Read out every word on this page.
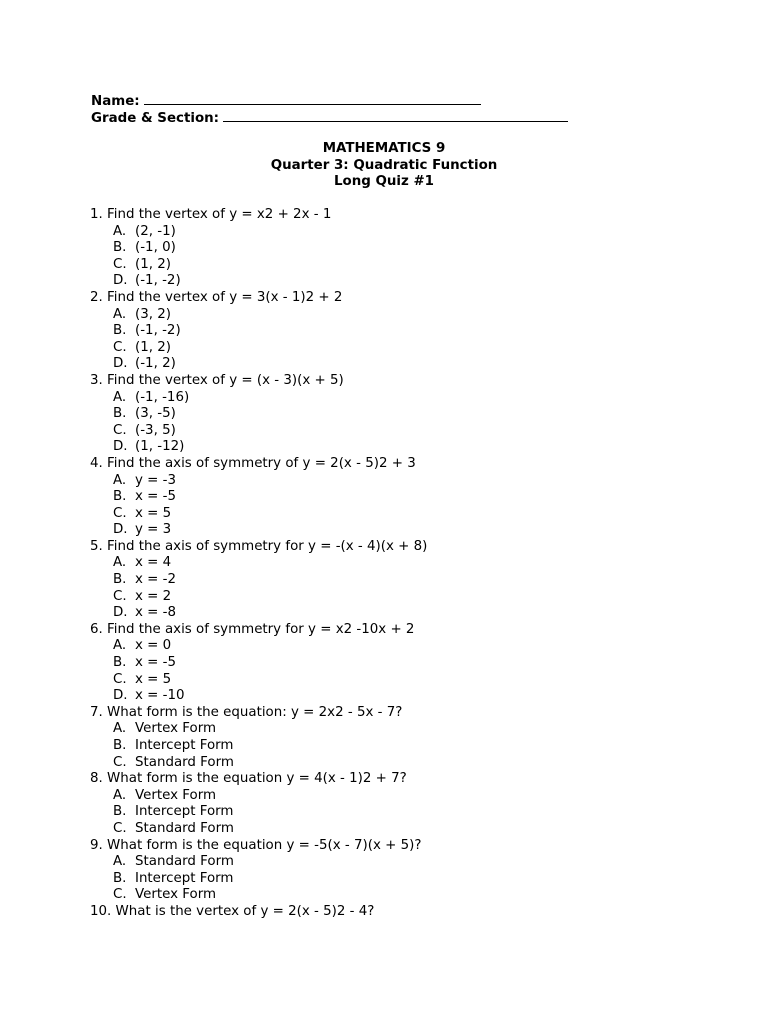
Name:
Grade & Section:
MATHEMATICS 9
Quarter 3: Quadratic Function
Long Quiz #1
1. Find the vertex of y = x2 + 2x - 1
A. (2, -1)
B. (-1, 0)
C. (1, 2)
D. (-1, -2)
2. Find the vertex of y = 3(x - 1)2 + 2
A. (3, 2)
B. (-1, -2)
C. (1, 2)
D. (-1, 2)
3. Find the vertex of y = (x - 3)(x + 5)
A. (-1, -16)
B. (3, -5)
C. (-3, 5)
D. (1, -12)
4. Find the axis of symmetry of y = 2(x - 5)2 + 3
A. y = -3
B. x = -5
C. x = 5
D. y = 3
5. Find the axis of symmetry for y = -(x - 4)(x + 8)
A. x = 4
B. x = -2
C. x = 2
D. x = -8
6. Find the axis of symmetry for y = x2 -10x + 2
A. x = 0
B. x = -5
C. x = 5
D. x = -10
7. What form is the equation: y = 2x2 - 5x - 7?
A. Vertex Form
B. Intercept Form
C. Standard Form
8. What form is the equation y = 4(x - 1)2 + 7?
A. Vertex Form
B. Intercept Form
C. Standard Form
9. What form is the equation y = -5(x - 7)(x + 5)?
A. Standard Form
B. Intercept Form
C. Vertex Form
10. What is the vertex of y = 2(x - 5)2 - 4?
